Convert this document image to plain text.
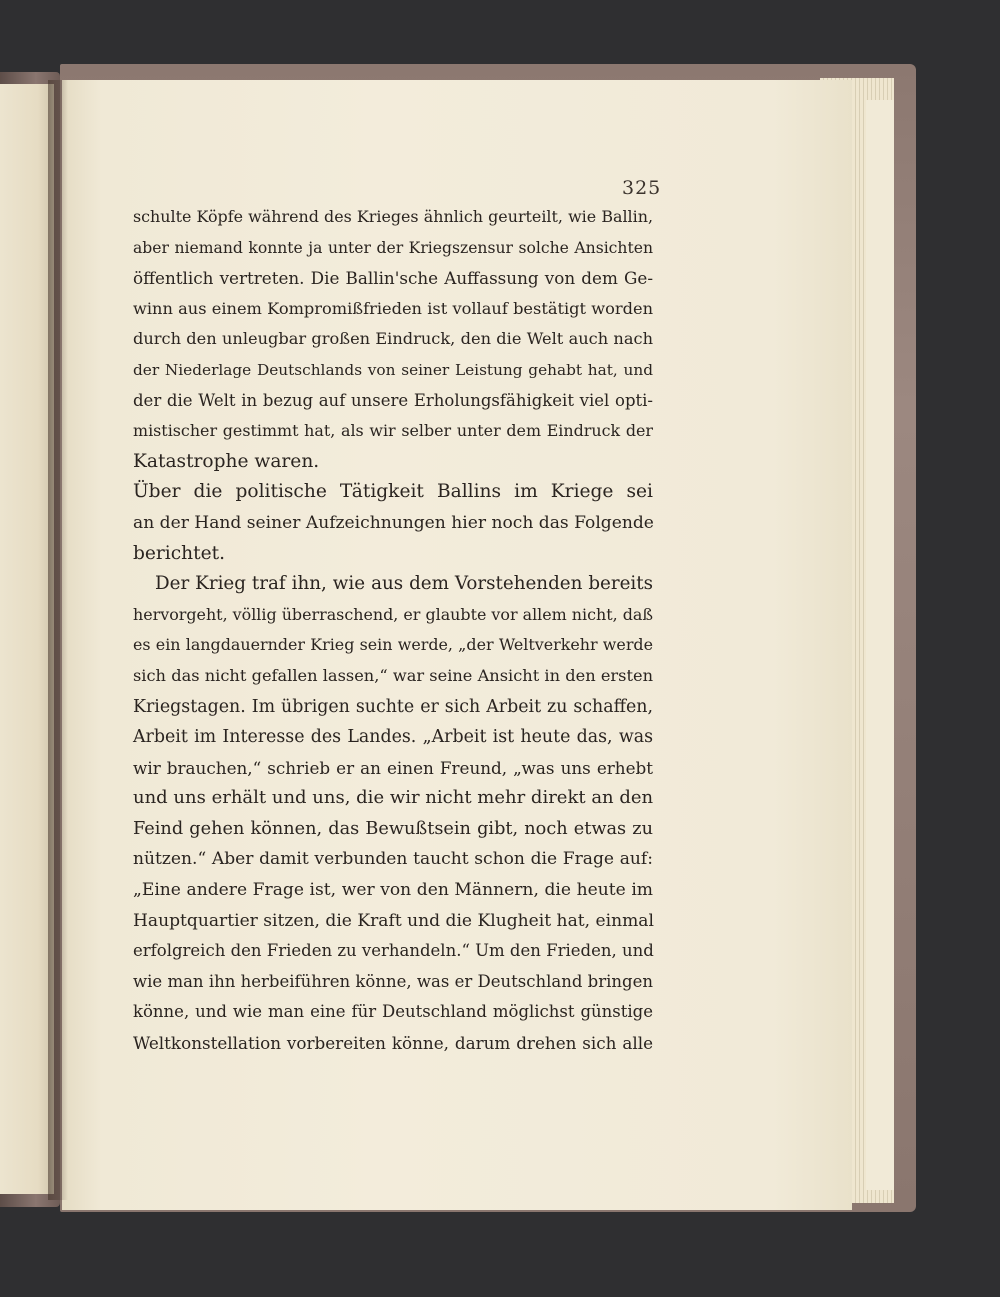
325
schulte Köpfe während des Krieges ähnlich geurteilt, wie Ballin,
aber niemand konnte ja unter der Kriegszensur solche Ansichten
öffentlich vertreten. Die Ballin'sche Auffassung von dem Ge-
winn aus einem Kompromißfrieden ist vollauf bestätigt worden
durch den unleugbar großen Eindruck, den die Welt auch nach
der Niederlage Deutschlands von seiner Leistung gehabt hat, und
der die Welt in bezug auf unsere Erholungsfähigkeit viel opti-
mistischer gestimmt hat, als wir selber unter dem Eindruck der
Katastrophe waren.
Über die politische Tätigkeit Ballins im Kriege sei
an der Hand seiner Aufzeichnungen hier noch das Folgende
berichtet.
Der Krieg traf ihn, wie aus dem Vorstehenden bereits
hervorgeht, völlig überraschend, er glaubte vor allem nicht, daß
es ein langdauernder Krieg sein werde, „der Weltverkehr werde
sich das nicht gefallen lassen,“ war seine Ansicht in den ersten
Kriegstagen. Im übrigen suchte er sich Arbeit zu schaffen,
Arbeit im Interesse des Landes. „Arbeit ist heute das, was
wir brauchen,“ schrieb er an einen Freund, „was uns erhebt
und uns erhält und uns, die wir nicht mehr direkt an den
Feind gehen können, das Bewußtsein gibt, noch etwas zu
nützen.“ Aber damit verbunden taucht schon die Frage auf:
„Eine andere Frage ist, wer von den Männern, die heute im
Hauptquartier sitzen, die Kraft und die Klugheit hat, einmal
erfolgreich den Frieden zu verhandeln.“ Um den Frieden, und
wie man ihn herbeiführen könne, was er Deutschland bringen
könne, und wie man eine für Deutschland möglichst günstige
Weltkonstellation vorbereiten könne, darum drehen sich alle
